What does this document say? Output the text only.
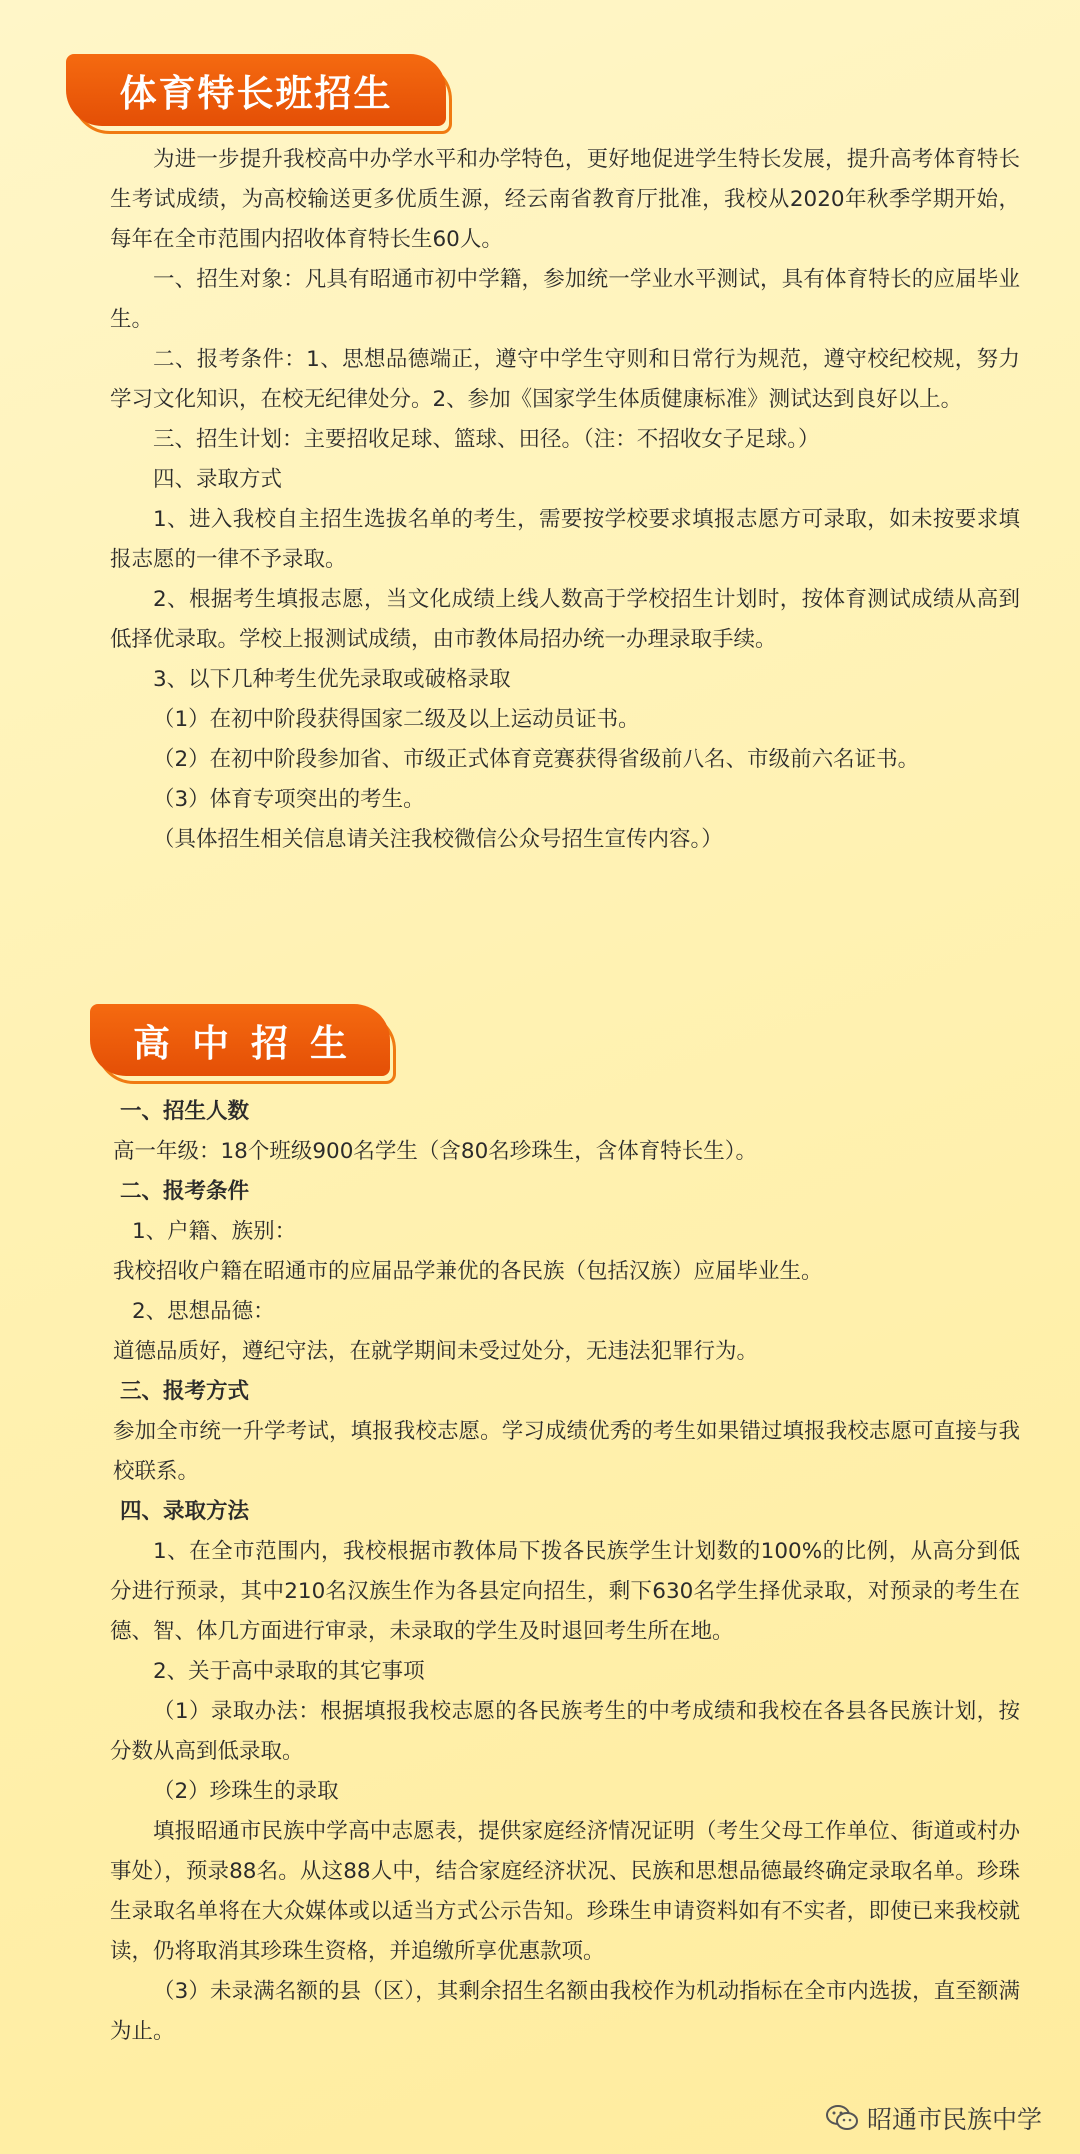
体育特长班招生

为进一步提升我校高中办学水平和办学特色，更好地促进学生特长发展，提升高考体育特长生考试成绩，为高校输送更多优质生源，经云南省教育厅批准，我校从2020年秋季学期开始，每年在全市范围内招收体育特长生60人。

一、招生对象：凡具有昭通市初中学籍，参加统一学业水平测试，具有体育特长的应届毕业生。

二、报考条件：1、思想品德端正，遵守中学生守则和日常行为规范，遵守校纪校规，努力学习文化知识，在校无纪律处分。2、参加《国家学生体质健康标准》测试达到良好以上。

三、招生计划：主要招收足球、篮球、田径。（注：不招收女子足球。）

四、录取方式

1、进入我校自主招生选拔名单的考生，需要按学校要求填报志愿方可录取，如未按要求填报志愿的一律不予录取。

2、根据考生填报志愿，当文化成绩上线人数高于学校招生计划时，按体育测试成绩从高到低择优录取。学校上报测试成绩，由市教体局招办统一办理录取手续。

3、以下几种考生优先录取或破格录取

（1）在初中阶段获得国家二级及以上运动员证书。

（2）在初中阶段参加省、市级正式体育竞赛获得省级前八名、市级前六名证书。

（3）体育专项突出的考生。

（具体招生相关信息请关注我校微信公众号招生宣传内容。）

高中招生

一、招生人数

高一年级：18个班级900名学生（含80名珍珠生，含体育特长生）。

二、报考条件

1、户籍、族别：

我校招收户籍在昭通市的应届品学兼优的各民族（包括汉族）应届毕业生。

2、思想品德：

道德品质好，遵纪守法，在就学期间未受过处分，无违法犯罪行为。

三、报考方式

参加全市统一升学考试，填报我校志愿。学习成绩优秀的考生如果错过填报我校志愿可直接与我校联系。

四、录取方法

1、在全市范围内，我校根据市教体局下拨各民族学生计划数的100%的比例，从高分到低分进行预录，其中210名汉族生作为各县定向招生，剩下630名学生择优录取，对预录的考生在德、智、体几方面进行审录，未录取的学生及时退回考生所在地。

2、关于高中录取的其它事项

（1）录取办法：根据填报我校志愿的各民族考生的中考成绩和我校在各县各民族计划，按分数从高到低录取。

（2）珍珠生的录取

填报昭通市民族中学高中志愿表，提供家庭经济情况证明（考生父母工作单位、街道或村办事处），预录88名。从这88人中，结合家庭经济状况、民族和思想品德最终确定录取名单。珍珠生录取名单将在大众媒体或以适当方式公示告知。珍珠生申请资料如有不实者，即使已来我校就读，仍将取消其珍珠生资格，并追缴所享优惠款项。

（3）未录满名额的县（区），其剩余招生名额由我校作为机动指标在全市内选拔，直至额满为止。

昭通市民族中学
